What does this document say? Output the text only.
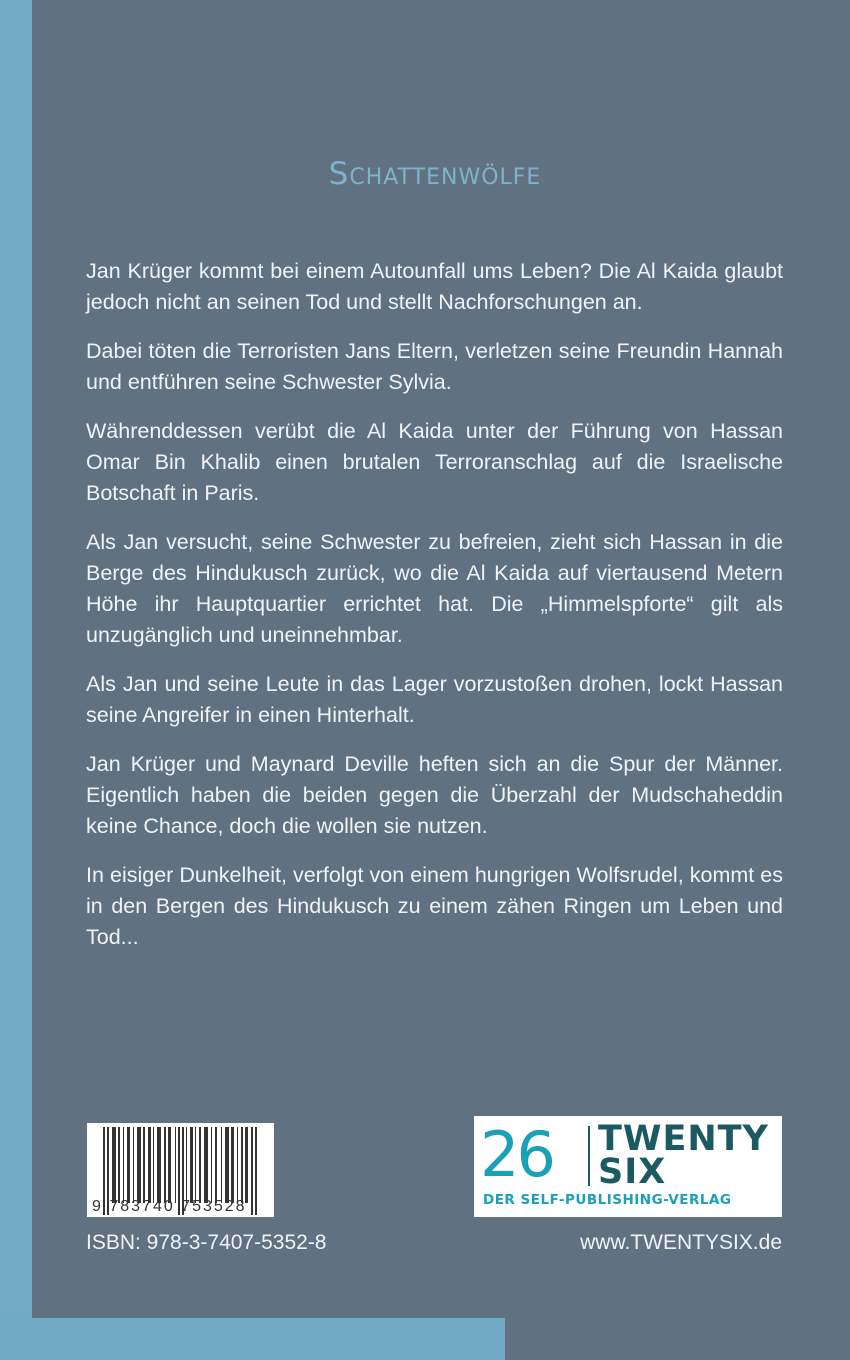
Schattenwölfe

Jan Krüger kommt bei einem Autounfall ums Leben? Die Al Kaida glaubt jedoch nicht an seinen Tod und stellt Nachforschungen an.

Dabei töten die Terroristen Jans Eltern, verletzen seine Freundin Hannah und entführen seine Schwester Sylvia.

Währenddessen verübt die Al Kaida unter der Führung von Hassan Omar Bin Khalib einen brutalen Terroranschlag auf die Israelische Botschaft in Paris.

Als Jan versucht, seine Schwester zu befreien, zieht sich Hassan in die Berge des Hindukusch zurück, wo die Al Kaida auf viertausend Metern Höhe ihr Hauptquartier errichtet hat. Die „Himmelspforte“ gilt als unzugänglich und uneinnehmbar.

Als Jan und seine Leute in das Lager vorzustoßen drohen, lockt Hassan seine Angreifer in einen Hinterhalt.

Jan Krüger und Maynard Deville heften sich an die Spur der Männer. Eigentlich haben die beiden gegen die Überzahl der Mudschaheddin keine Chance, doch die wollen sie nutzen.

In eisiger Dunkelheit, verfolgt von einem hungrigen Wolfsrudel, kommt es in den Bergen des Hindukusch zu einem zähen Ringen um Leben und Tod...

9 783740 753528
ISBN: 978-3-7407-5352-8
26 TWENTY
SIX
DER SELF-PUBLISHING-VERLAG
www.TWENTYSIX.de
